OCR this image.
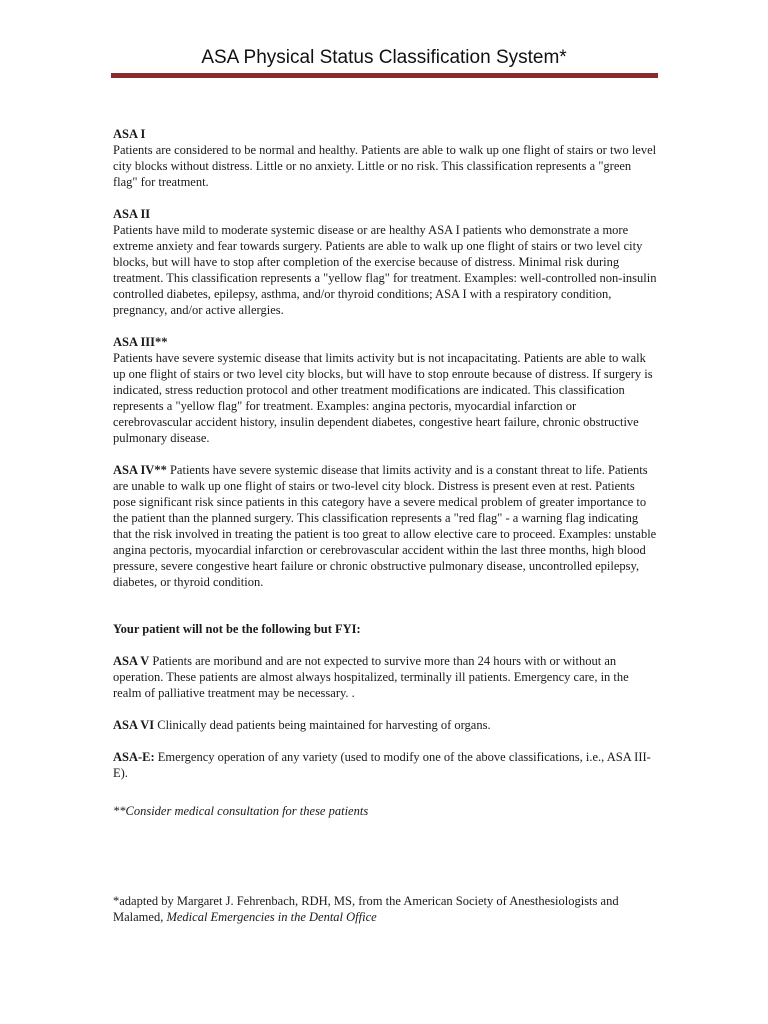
ASA Physical Status Classification System*

ASA I
Patients are considered to be normal and healthy. Patients are able to walk up one flight of stairs or two level city blocks without distress. Little or no anxiety. Little or no risk. This classification represents a "green flag" for treatment.

ASA II
Patients have mild to moderate systemic disease or are healthy ASA I patients who demonstrate a more extreme anxiety and fear towards surgery. Patients are able to walk up one flight of stairs or two level city blocks, but will have to stop after completion of the exercise because of distress. Minimal risk during treatment. This classification represents a "yellow flag" for treatment. Examples: well-controlled non-insulin controlled diabetes, epilepsy, asthma, and/or thyroid conditions; ASA I with a respiratory condition, pregnancy, and/or active allergies.

ASA III**
Patients have severe systemic disease that limits activity but is not incapacitating. Patients are able to walk up one flight of stairs or two level city blocks, but will have to stop enroute because of distress. If surgery is indicated, stress reduction protocol and other treatment modifications are indicated. This classification represents a "yellow flag" for treatment. Examples: angina pectoris, myocardial infarction or cerebrovascular accident history, insulin dependent diabetes, congestive heart failure, chronic obstructive pulmonary disease.

ASA IV** Patients have severe systemic disease that limits activity and is a constant threat to life. Patients are unable to walk up one flight of stairs or two-level city block. Distress is present even at rest. Patients pose significant risk since patients in this category have a severe medical problem of greater importance to the patient than the planned surgery. This classification represents a "red flag" - a warning flag indicating that the risk involved in treating the patient is too great to allow elective care to proceed. Examples: unstable angina pectoris, myocardial infarction or cerebrovascular accident within the last three months, high blood pressure, severe congestive heart failure or chronic obstructive pulmonary disease, uncontrolled epilepsy, diabetes, or thyroid condition.

Your patient will not be the following but FYI:

ASA V Patients are moribund and are not expected to survive more than 24 hours with or without an operation. These patients are almost always hospitalized, terminally ill patients. Emergency care, in the realm of palliative treatment may be necessary. .

ASA VI Clinically dead patients being maintained for harvesting of organs.

ASA-E: Emergency operation of any variety (used to modify one of the above classifications, i.e., ASA III-E).

**Consider medical consultation for these patients

*adapted by Margaret J. Fehrenbach, RDH, MS, from the American Society of Anesthesiologists and Malamed, Medical Emergencies in the Dental Office
